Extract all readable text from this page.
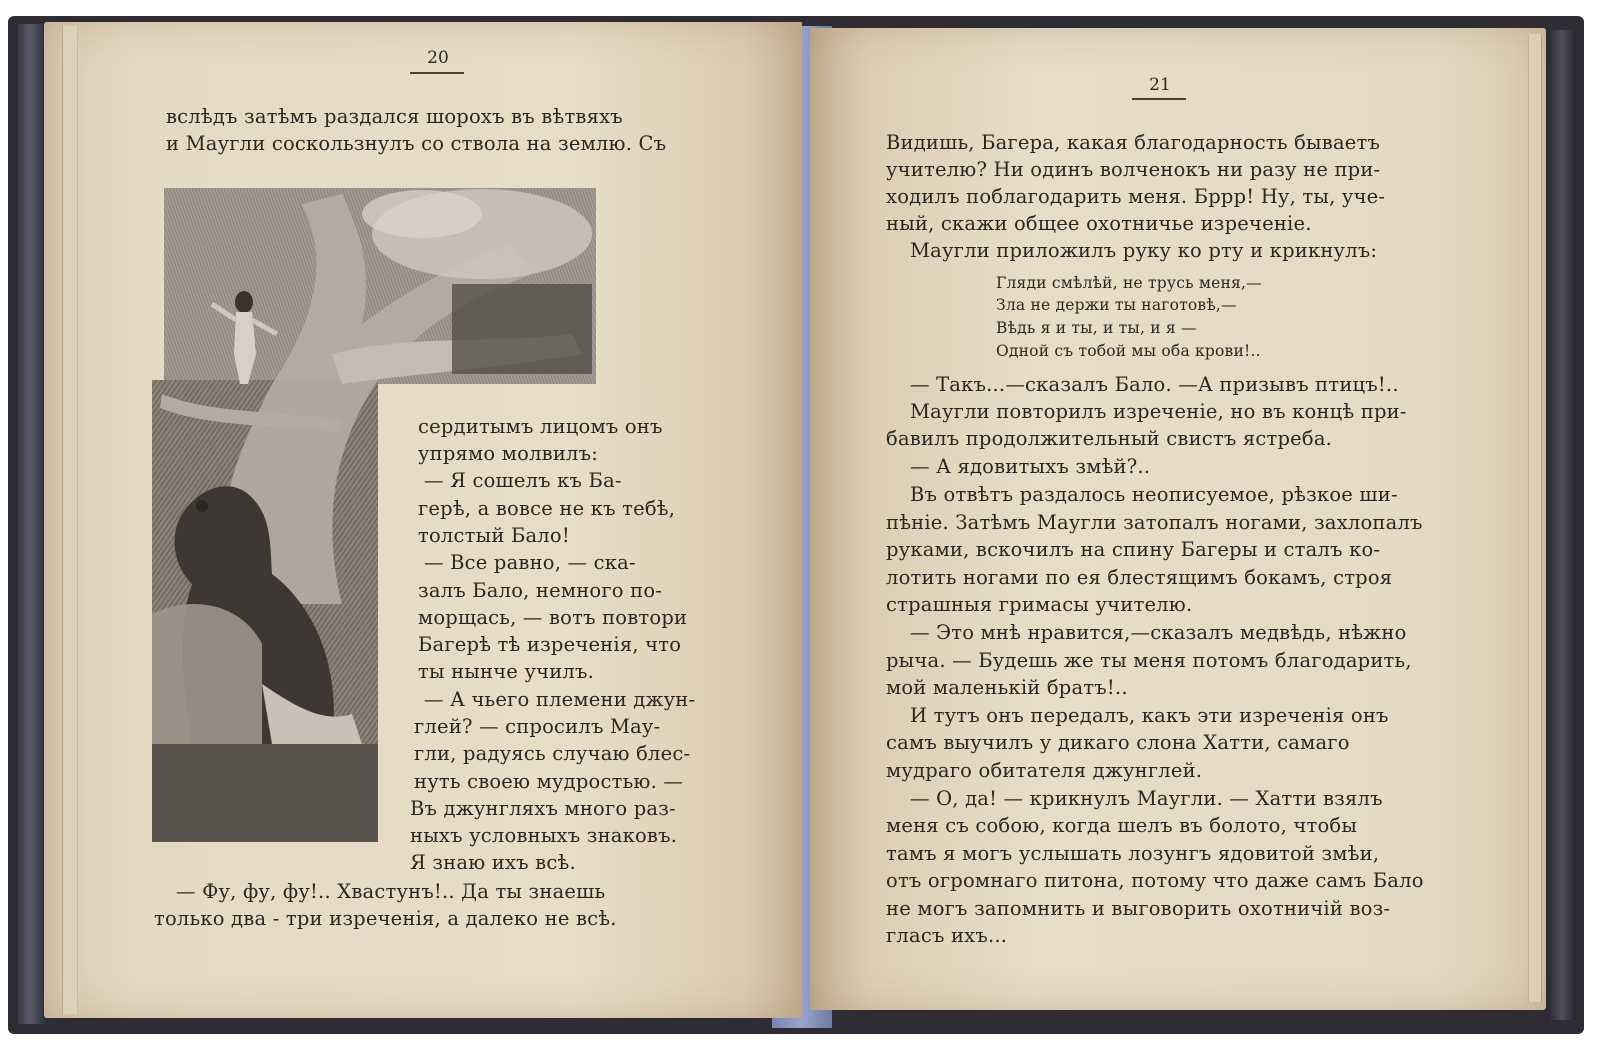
20
вслѣдъ затѣмъ раздался шорохъ въ вѣтвяхъ
и Маугли соскользнулъ со ствола на землю. Съ
сердитымъ лицомъ онъ
упрямо молвилъ:
— Я сошелъ къ Ба-
герѣ, а вовсе не къ тебѣ,
толстый Бало!
— Все равно, — ска-
залъ Бало, немного по-
морщась, — вотъ повтори
Багерѣ тѣ изреченія, что
ты нынче училъ.
— А чьего племени джун-
глей? — спросилъ Мау-
гли, радуясь случаю блес-
нуть своею мудростью. —
Въ джунгляхъ много раз-
ныхъ условныхъ знаковъ.
Я знаю ихъ всѣ.
— Фу, фу, фу!.. Хвастунъ!.. Да ты знаешь
только два - три изреченія, а далеко не всѣ.
21
Видишь, Багера, какая благодарность бываетъ
учителю? Ни одинъ волченокъ ни разу не при-
ходилъ поблагодарить меня. Бррр! Ну, ты, уче-
ный, скажи общее охотничье изреченіе.
Маугли приложилъ руку ко рту и крикнулъ:
Гляди смѣлѣй, не трусь меня,—
Зла не держи ты наготовѣ,—
Вѣдь я и ты, и ты, и я —
Одной съ тобой мы оба крови!..
— Такъ...—сказалъ Бало. —А призывъ птицъ!..
Маугли повторилъ изреченіе, но въ концѣ при-
бавилъ продолжительный свистъ ястреба.
— А ядовитыхъ змѣй?..
Въ отвѣтъ раздалось неописуемое, рѣзкое ши-
пѣніе. Затѣмъ Маугли затопалъ ногами, захлопалъ
руками, вскочилъ на спину Багеры и сталъ ко-
лотить ногами по ея блестящимъ бокамъ, строя
страшныя гримасы учителю.
— Это мнѣ нравится,—сказалъ медвѣдь, нѣжно
рыча. — Будешь же ты меня потомъ благодарить,
мой маленькій братъ!..
И тутъ онъ передалъ, какъ эти изреченія онъ
самъ выучилъ у дикаго слона Хатти, самаго
мудраго обитателя джунглей.
— О, да! — крикнулъ Маугли. — Хатти взялъ
меня съ собою, когда шелъ въ болото, чтобы
тамъ я могъ услышать лозунгъ ядовитой змѣи,
отъ огромнаго питона, потому что даже самъ Бало
не могъ запомнить и выговорить охотничій воз-
гласъ ихъ...
